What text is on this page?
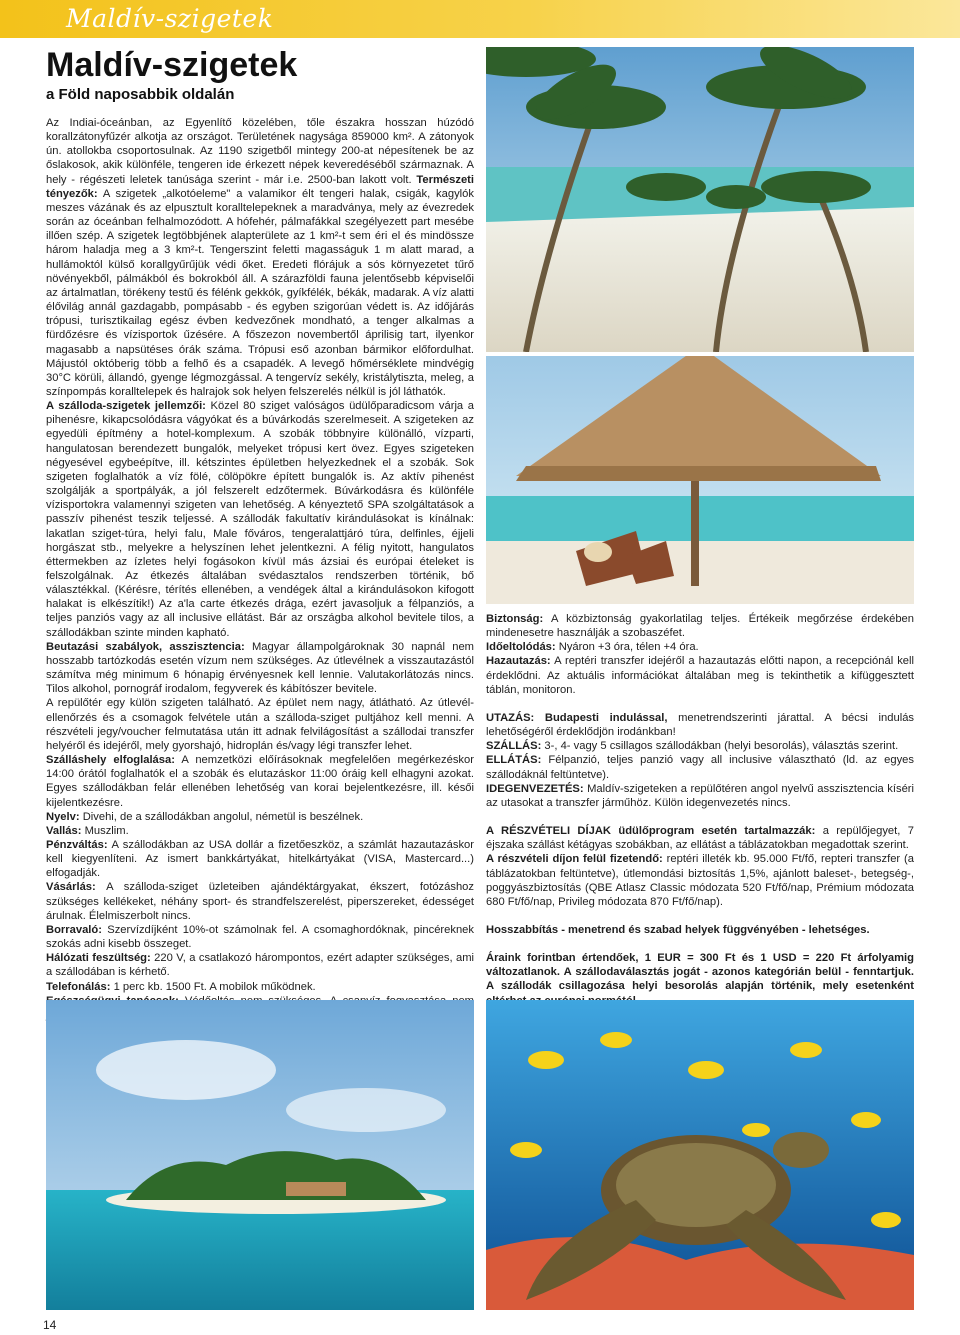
Maldív-szigetek
Maldív-szigetek
a Föld naposabbik oldalán

Az Indiai-óceánban, az Egyenlítő közelében, tőle északra hosszan húzódó korallzátonyfűzér alkotja az országot. Területének nagysága 859000 km². A zátonyok ún. atollokba csoportosulnak. Az 1190 szigetből mintegy 200-at népesítenek be az őslakosok, akik különféle, tengeren ide érkezett népek keveredéséből származnak. A hely - régészeti leletek tanúsága szerint - már i.e. 2500-ban lakott volt. Természeti tényezők: A szigetek „alkotóeleme" a valamikor élt tengeri halak, csigák, kagylók meszes vázának és az elpusztult koralltelepeknek a maradványa, mely az évezredek során az óceánban felhalmozódott. A hófehér, pálmafákkal szegélyezett part mesébe illően szép. A szigetek legtöbbjének alapterülete az 1 km²-t sem éri el és mindössze három haladja meg a 3 km²-t. Tengerszint feletti magasságuk 1 m alatt marad, a hullámoktól külső korallgyűrűjük védi őket. Eredeti flórájuk a sós környezetet tűrő növényekből, pálmákból és bokrokból áll. A szárazföldi fauna jelentősebb képviselői az ártalmatlan, törékeny testű és félénk gekkók, gyíkfélék, békák, madarak. A víz alatti élővilág annál gazdagabb, pompásabb - és egyben szigorúan védett is. Az időjárás trópusi, turisztikailag egész évben kedvezőnek mondható, a tenger alkalmas a fürdőzésre és vízisportok űzésére. A főszezon novembertől áprilisig tart, ilyenkor magasabb a napsütéses órák száma. Trópusi eső azonban bármikor előfordulhat. Májustól októberig több a felhő és a csapadék. A levegő hőmérséklete mindvégig 30°C körüli, állandó, gyenge légmozgással. A tengervíz sekély, kristálytiszta, meleg, a színpompás koralltelepek és halrajok sok helyen felszerelés nélkül is jól láthatók.

A szálloda-szigetek jellemzői: Közel 80 sziget valóságos üdülőparadicsom várja a pihenésre, kikapcsolódásra vágyókat és a búvárkodás szerelmeseit. A szigeteken az egyedüli építmény a hotel-komplexum. A szobák többnyire különálló, vízparti, hangulatosan berendezett bungalók, melyeket trópusi kert övez. Egyes szigeteken négyesével egybeépítve, ill. kétszintes épületben helyezkednek el a szobák. Sok szigeten foglalhatók a víz fölé, cölöpökre épített bungalók is. Az aktív pihenést szolgálják a sportpályák, a jól felszerelt edzőtermek. Búvárkodásra és különféle vízisportokra valamennyi szigeten van lehetőség. A kényeztető SPA szolgáltatások a passzív pihenést teszik teljessé. A szállodák fakultatív kirándulásokat is kínálnak: lakatlan sziget-túra, helyi falu, Male főváros, tengeralattjáró túra, delfinles, éjjeli horgászat stb., melyekre a helyszínen lehet jelentkezni. A félig nyitott, hangulatos éttermekben az ízletes helyi fogásokon kívül más ázsiai és európai ételeket is felszolgálnak. Az étkezés általában svédasztalos rendszerben történik, bő választékkal. (Kérésre, térítés ellenében, a vendégek által a kirándulásokon kifogott halakat is elkészítik!) Az a'la carte étkezés drága, ezért javasoljuk a félpanziós, a teljes panziós vagy az all inclusive ellátást. Bár az országba alkohol bevitele tilos, a szállodákban szinte minden kapható.

Beutazási szabályok, asszisztencia: Magyar állampolgároknak 30 napnál nem hosszabb tartózkodás esetén vízum nem szükséges. Az útlevélnek a visszautazástól számítva még minimum 6 hónapig érvényesnek kell lennie. Valutakorlátozás nincs. Tilos alkohol, pornográf irodalom, fegyverek és kábítószer bevitele.

A repülőtér egy külön szigeten található. Az épület nem nagy, átlátható. Az útlevél-ellenőrzés és a csomagok felvétele után a szálloda-sziget pultjához kell menni. A részvételi jegy/voucher felmutatása után itt adnak felvilágosítást a szállodai transzfer helyéről és idejéről, mely gyorshajó, hidroplán és/vagy légi transzfer lehet.

Szálláshely elfoglalása: A nemzetközi előírásoknak megfelelően megérkezéskor 14:00 órától foglalhatók el a szobák és elutazáskor 11:00 óráig kell elhagyni azokat. Egyes szállodákban felár ellenében lehetőség van korai bejelentkezésre, ill. késői kijelentkezésre.

Nyelv: Divehi, de a szállodákban angolul, németül is beszélnek.

Vallás: Muszlim.

Pénzváltás: A szállodákban az USA dollár a fizetőeszköz, a számlát hazautazáskor kell kiegyenlíteni. Az ismert bankkártyákat, hitelkártyákat (VISA, Mastercard...) elfogadják.

Vásárlás: A szálloda-sziget üzleteiben ajándéktárgyakat, ékszert, fotózáshoz szükséges kellékeket, néhány sport- és strandfelszerelést, piperszereket, édességet árulnak. Élelmiszerbolt nincs.

Borravaló: Szervízdíjként 10%-ot számolnak fel. A csomaghordóknak, pincéreknek szokás adni kisebb összeget.

Hálózati feszültség: 220 V, a csatlakozó hárompontos, ezért adapter szükséges, ami a szállodában is kérhető.

Telefonálás: 1 perc kb. 1500 Ft. A mobilok működnek.

Biztonság: A közbiztonság gyakorlatilag teljes. Értékeik megőrzése érdekében mindenesetre használják a szobaszéfet.

Időeltolódás: Nyáron +3 óra, télen +4 óra.

Hazautazás: A reptéri transzfer idejéről a hazautazás előtti napon, a recepciónál kell érdeklődni. Az aktuális információkat általában meg is tekinthetik a kifüggesztett táblán, monitoron.

UTAZÁS: Budapesti indulással, menetrendszerinti járattal. A bécsi indulás lehetőségéről érdeklődjön irodánkban!

SZÁLLÁS: 3-, 4- vagy 5 csillagos szállodákban (helyi besorolás), választás szerint.

ELLÁTÁS: Félpanzió, teljes panzió vagy all inclusive választható (ld. az egyes szállodáknál feltüntetve).

IDEGENVEZETÉS: Maldív-szigeteken a repülőtéren angol nyelvű asszisztencia kíséri az utasokat a transzfer járműhöz. Külön idegenvezetés nincs.

A RÉSZVÉTELI DÍJAK üdülőprogram esetén tartalmazzák: a repülőjegyet, 7 éjszaka szállást kétágyas szobákban, az ellátást a táblázatokban megadottak szerint.

A részvételi díjon felül fizetendő: reptéri illeték kb. 95.000 Ft/fő, repteri transzfer (a táblázatokban feltüntetve), útlemondási biztosítás 1,5%, ajánlott baleset-, betegség-, poggyászbiztosítás (QBE Atlasz Classic módozata 520 Ft/fő/nap, Prémium módozata 680 Ft/fő/nap, Privileg módozata 870 Ft/fő/nap).

Hosszabbítás - menetrend és szabad helyek függvényében - lehetséges.

Áraink forintban értendőek, 1 EUR = 300 Ft és 1 USD = 220 Ft árfolyamig változatlanok. A szállodaválasztás jogát - azonos kategórián belül - fenntartjuk. A szállodák csillagozása helyi besorolás alapján történik, mely esetenként

14
